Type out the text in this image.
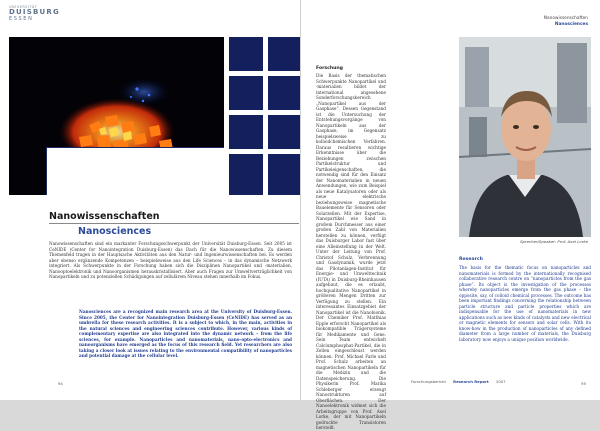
UNIVERSITÄT
DUISBURG
ESSEN
Nanowissenschaften
Nanosciences
Nanowissenschaften sind ein markanter Forschungsschwerpunkt der Universität Duisburg-Essen. Seit 2005 ist CeNIDE (Center for Nanointegration Duisburg-Essen) das Dach für die Nanowissenschaften. Zu diesem Themenfeld tragen in der Hauptsache Aktivitäten aus den Natur- und Ingenieurwissenschaften bei. Es werden aber ebenso ergänzende Kompetenzen – beispielsweise aus den Life Sciences – in das dynamische Netzwerk integriert. Als Schwerpunkte in der Forschung haben sich die Disziplinen Nanopartikel und -materialien, Nanooptoelektronik und Nanoorganismen herauskristallisiert. Aber auch Fragen zur Umweltverträglichkeit von Nanopartikeln und zu potenziellen Schädigungen auf zellulärem Niveau stehen innerhalb im Fokus.
Nanosciences are a recognized main research area at the University of Duisburg-Essen. Since 2005, the Center for Nanointegration Duisburg-Essen (CeNIDE) has served as an umbrella for these research activities. It is a subject to which, in the main, activities in the natural sciences and engineering sciences contribute. However, various kinds of complementary expertise are also integrated into the dynamic network – from the life sciences, for example. Nanoparticles and nanomaterials, nano-opto-electronics and nanoorganisms have emerged as the focus of this research field. Yet researchers are also taking a closer look at issues relating to the environmental compatibility of nanoparticles and potential damage at the cellular level.
94
Nanowissenschaften
Nanosciences
Forschung
Die Basis der thematischen Schwerpunkte Nanopartikel und -materialien bildet der international angesehene Sonderforschungsbereich „Nanopartikel aus der Gasphase“. Dessen Gegenstand ist die Untersuchung der Entstehungsvorgänge von Nanopartikeln aus der Gasphase, im Gegensatz beispielsweise zu kolloidchemischen Verfahren. Daraus resultieren wichtige Erkenntnisse über die Beziehungen zwischen Partikelstruktur und Partikeleigenschaften, die notwendig sind für den Einsatz der Nanomaterialien in neuen Anwendungen, wie zum Beispiel als neue Katalysatoren oder als neue elektrische beziehungsweise magnetische Bauelemente für Sensoren oder Solarzellen. Mit der Expertise, Nanopartikel wie Sand in großem Durchmesser aus einer großen Zahl von Materialien herstellen zu können, verfügt das Duisburger Labor fast über eine Alleinstellung in der Welt. Unter der Leitung von Prof. Christof Schulz, Verbrennung und Gasdynamik, wurde jetzt das Pilotanlagen-Institut für Energie- und Umwelttechnik (IUTA) in Duisburg-Rheinhausen aufgebaut, die es erlaubt, hochqualitative Nanopartikel in größeren Mengen Dritten zur Verfügung zu stellen. Ein interessantes Einsatzgebiet der Nanopartikel ist die Nanobionik. Der Chemiker Prof. Matthias Epple erforscht Nanopartikel als biokompatible Trägersysteme für Medikamente und Gene. Sein Team entwickelt Calciumphosphat-Partikel, die in Zellen eingeschleust werden können. Prof. Michael Farle und Prof. Schulz arbeiten an magnetischen Nanopartikeln für die Medizin und die Datenspeicherung. Die Physikerin Prof. Marika Schleberger erzeugt Nanostrukturen auf Oberflächen. Der Nanoelektronik widmet sich die Arbeitsgruppe von Prof. Axel Lorke, der mit Nanopartikeln gedruckte Transistoren herstellt.
Sprecher/Speaker: Prof. Axel Lorke
Research
The basis for the thematic focus on nanoparticles and nanomaterials is formed by the internationally recognised collaborative research centre on “nanoparticles from the gas phase”. Its object is the investigation of the processes whereby nanoparticles emerge from the gas phase – the opposite, say, of colloid chemical processes. The outcome has been important findings concerning the relationship between particle structure and particle properties which are indispensable for the use of nanomaterials in new applications such as new kinds of catalysts and new electrical or magnetic elements for sensors and solar cells. With its know-how in the production of nanoparticles of any defined diameter from a large number of materials, the Duisburg laboratory now enjoys a unique position worldwide.
Forschungsbericht Research Report 2007	95
